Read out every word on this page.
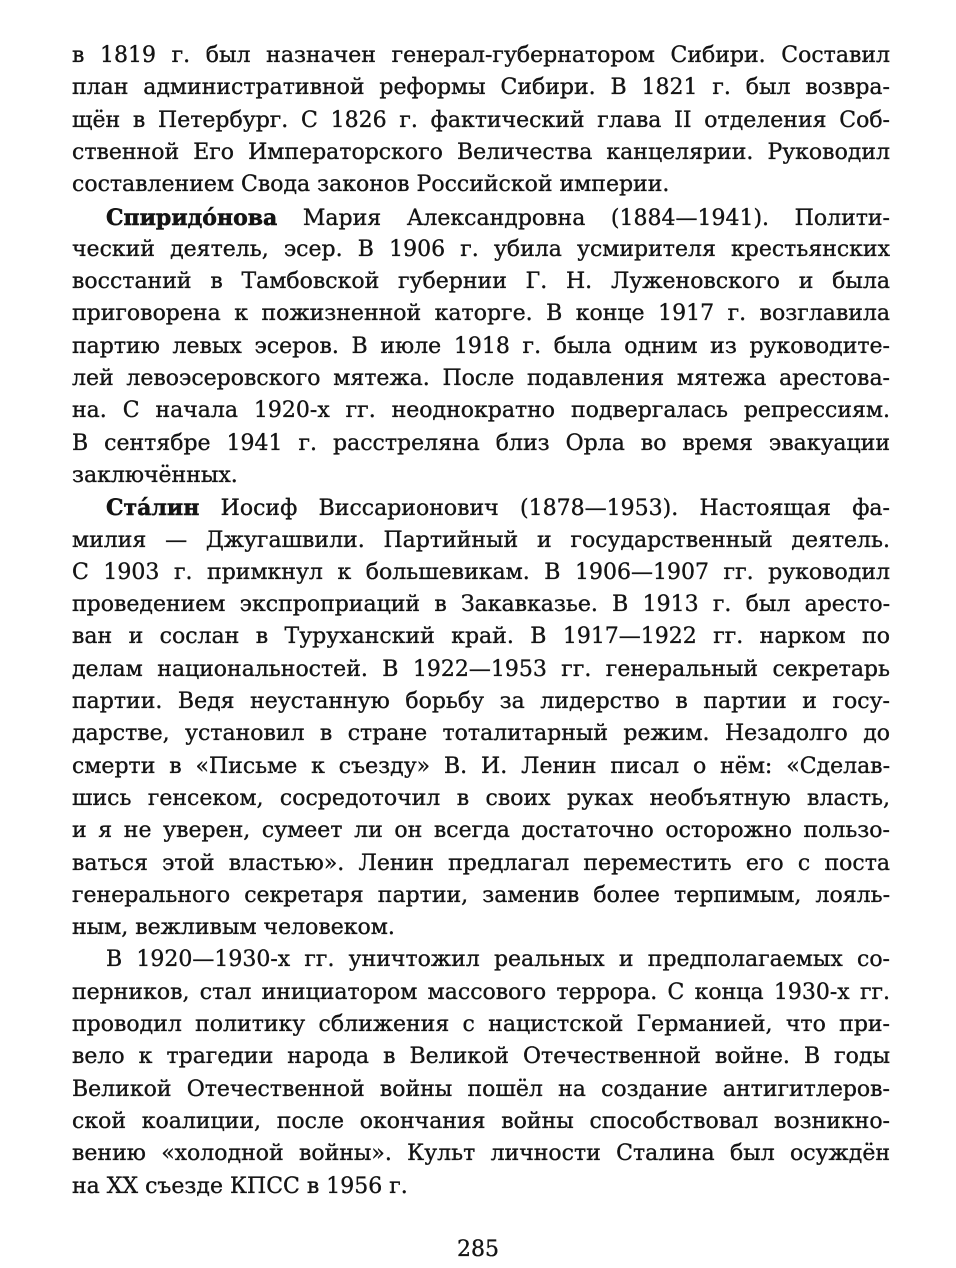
в 1819 г. был назначен генерал-губернатором Сибири. Составил
план административной реформы Сибири. В 1821 г. был возвра-
щён в Петербург. С 1826 г. фактический глава II отделения Соб-
ственной Его Императорского Величества канцелярии. Руководил
составлением Свода законов Российской империи.
Спиридóнова Мария Александровна (1884—1941). Полити-
ческий деятель, эсер. В 1906 г. убила усмирителя крестьянских
восстаний в Тамбовской губернии Г. Н. Луженовского и была
приговорена к пожизненной каторге. В конце 1917 г. возглавила
партию левых эсеров. В июле 1918 г. была одним из руководите-
лей левоэсеровского мятежа. После подавления мятежа арестова-
на. С начала 1920-х гг. неоднократно подвергалась репрессиям.
В сентябре 1941 г. расстреляна близ Орла во время эвакуации
заключённых.
Стáлин Иосиф Виссарионович (1878—1953). Настоящая фа-
милия — Джугашвили. Партийный и государственный деятель.
С 1903 г. примкнул к большевикам. В 1906—1907 гг. руководил
проведением экспроприаций в Закавказье. В 1913 г. был аресто-
ван и сослан в Туруханский край. В 1917—1922 гг. нарком по
делам национальностей. В 1922—1953 гг. генеральный секретарь
партии. Ведя неустанную борьбу за лидерство в партии и госу-
дарстве, установил в стране тоталитарный режим. Незадолго до
смерти в «Письме к съезду» В. И. Ленин писал о нём: «Сделав-
шись генсеком, сосредоточил в своих руках необъятную власть,
и я не уверен, сумеет ли он всегда достаточно осторожно пользо-
ваться этой властью». Ленин предлагал переместить его с поста
генерального секретаря партии, заменив более терпимым, лояль-
ным, вежливым человеком.
В 1920—1930-х гг. уничтожил реальных и предполагаемых со-
перников, стал инициатором массового террора. С конца 1930-х гг.
проводил политику сближения с нацистской Германией, что при-
вело к трагедии народа в Великой Отечественной войне. В годы
Великой Отечественной войны пошёл на создание антигитлеров-
ской коалиции, после окончания войны способствовал возникно-
вению «холодной войны». Культ личности Сталина был осуждён
на XX съезде КПСС в 1956 г.
285
